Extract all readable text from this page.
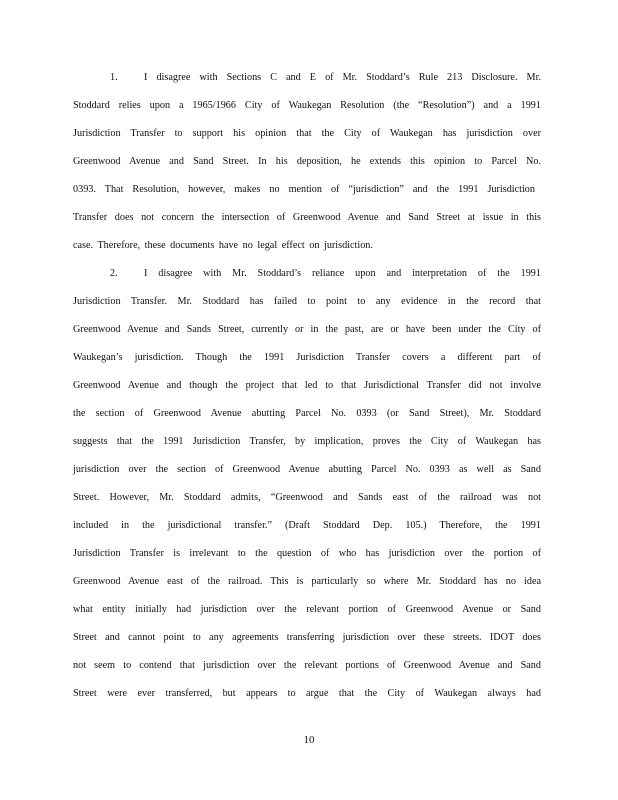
1.	I disagree with Sections C and E of Mr. Stoddard’s Rule 213 Disclosure. Mr.
Stoddard relies upon a 1965/1966 City of Waukegan Resolution (the “Resolution”) and a 1991
Jurisdiction Transfer to support his opinion that the City of Waukegan has jurisdiction over
Greenwood Avenue and Sand Street. In his deposition, he extends this opinion to Parcel No.
0393. That Resolution, however, makes no mention of “jurisdiction” and the 1991 Jurisdiction
Transfer does not concern the intersection of Greenwood Avenue and Sand Street at issue in this
case. Therefore, these documents have no legal effect on jurisdiction.
2.	I disagree with Mr. Stoddard’s reliance upon and interpretation of the 1991
Jurisdiction Transfer. Mr. Stoddard has failed to point to any evidence in the record that
Greenwood Avenue and Sands Street, currently or in the past, are or have been under the City of
Waukegan’s jurisdiction. Though the 1991 Jurisdiction Transfer covers a different part of
Greenwood Avenue and though the project that led to that Jurisdictional Transfer did not involve
the section of Greenwood Avenue abutting Parcel No. 0393 (or Sand Street), Mr. Stoddard
suggests that the 1991 Jurisdiction Transfer, by implication, proves the City of Waukegan has
jurisdiction over the section of Greenwood Avenue abutting Parcel No. 0393 as well as Sand
Street. However, Mr. Stoddard admits, “Greenwood and Sands east of the railroad was not
included in the jurisdictional transfer.” (Draft Stoddard Dep. 105.) Therefore, the 1991
Jurisdiction Transfer is irrelevant to the question of who has jurisdiction over the portion of
Greenwood Avenue east of the railroad. This is particularly so where Mr. Stoddard has no idea
what entity initially had jurisdiction over the relevant portion of Greenwood Avenue or Sand
Street and cannot point to any agreements transferring jurisdiction over these streets. IDOT does
not seem to contend that jurisdiction over the relevant portions of Greenwood Avenue and Sand
Street were ever transferred, but appears to argue that the City of Waukegan always had
10
